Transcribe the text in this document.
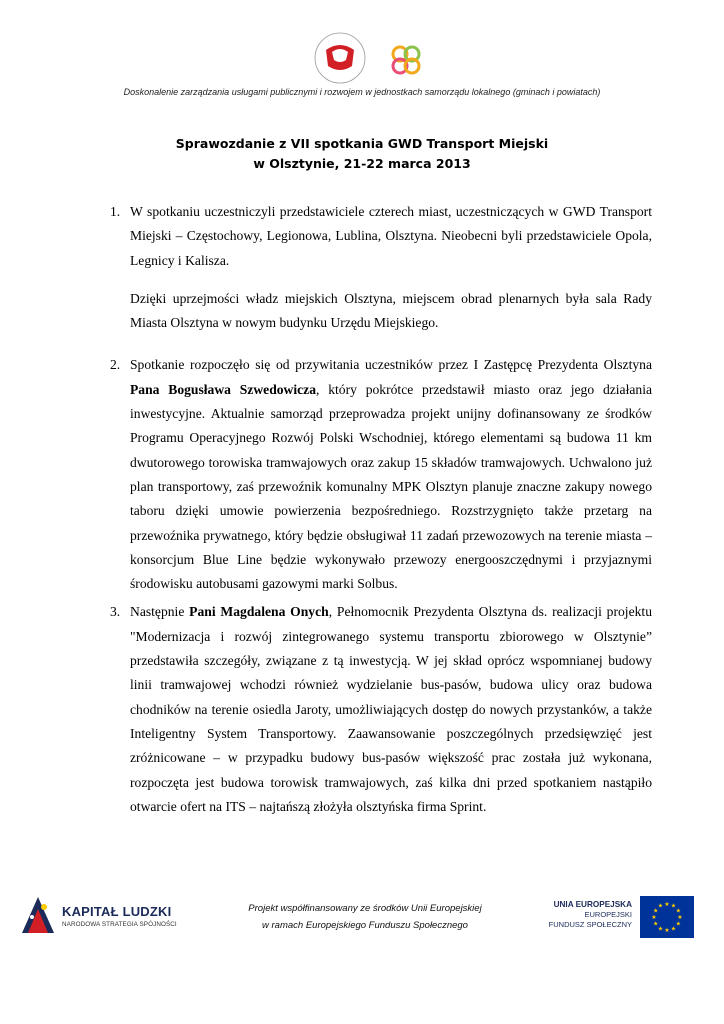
Doskonalenie zarządzania usługami publicznymi i rozwojem w jednostkach samorządu lokalnego (gminach i powiatach)
Sprawozdanie z VII spotkania GWD Transport Miejski
w Olsztynie, 21-22 marca 2013
1. W spotkaniu uczestniczyli przedstawiciele czterech miast, uczestniczących w GWD Transport Miejski – Częstochowy, Legionowa, Lublina, Olsztyna. Nieobecni byli przedstawiciele Opola, Legnicy i Kalisza.

Dzięki uprzejmości władz miejskich Olsztyna, miejscem obrad plenarnych była sala Rady Miasta Olsztyna w nowym budynku Urzędu Miejskiego.

2. Spotkanie rozpoczęło się od przywitania uczestników przez I Zastępcę Prezydenta Olsztyna Pana Bogusława Szwedowicza, który pokrótce przedstawił miasto oraz jego działania inwestycyjne. Aktualnie samorząd przeprowadza projekt unijny dofinansowany ze środków Programu Operacyjnego Rozwój Polski Wschodniej, którego elementami są budowa 11 km dwutorowego torowiska tramwajowych oraz zakup 15 składów tramwajowych. Uchwalono już plan transportowy, zaś przewoźnik komunalny MPK Olsztyn planuje znaczne zakupy nowego taboru dzięki umowie powierzenia bezpośredniego. Rozstrzygnięto także przetarg na przewoźnika prywatnego, który będzie obsługiwał 11 zadań przewozowych na terenie miasta – konsorcjum Blue Line będzie wykonywało przewozy energooszczędnymi i przyjaznymi środowisku autobusami gazowymi marki Solbus.

3. Następnie Pani Magdalena Onych, Pełnomocnik Prezydenta Olsztyna ds. realizacji projektu "Modernizacja i rozwój zintegrowanego systemu transportu zbiorowego w Olsztynie” przedstawiła szczegóły, związane z tą inwestycją. W jej skład oprócz wspomnianej budowy linii tramwajowej wchodzi również wydzielanie bus-pasów, budowa ulicy oraz budowa chodników na terenie osiedla Jaroty, umożliwiających dostęp do nowych przystanków, a także Inteligentny System Transportowy. Zaawansowanie poszczególnych przedsięwzięć jest zróżnicowane – w przypadku budowy bus-pasów większość prac została już wykonana, rozpoczęta jest budowa torowisk tramwajowych, zaś kilka dni przed spotkaniem nastąpiło otwarcie ofert na ITS – najtańszą złożyła olsztyńska firma Sprint.

KAPITAŁ LUDZKI
NARODOWA STRATEGIA SPÓJNOŚCI
Projekt współfinansowany ze środków Unii Europejskiej
w ramach Europejskiego Funduszu Społecznego
UNIA EUROPEJSKA
EUROPEJSKI
FUNDUSZ SPOŁECZNY
★ ★
★
★
★
★
★
★
★
★
★
★
